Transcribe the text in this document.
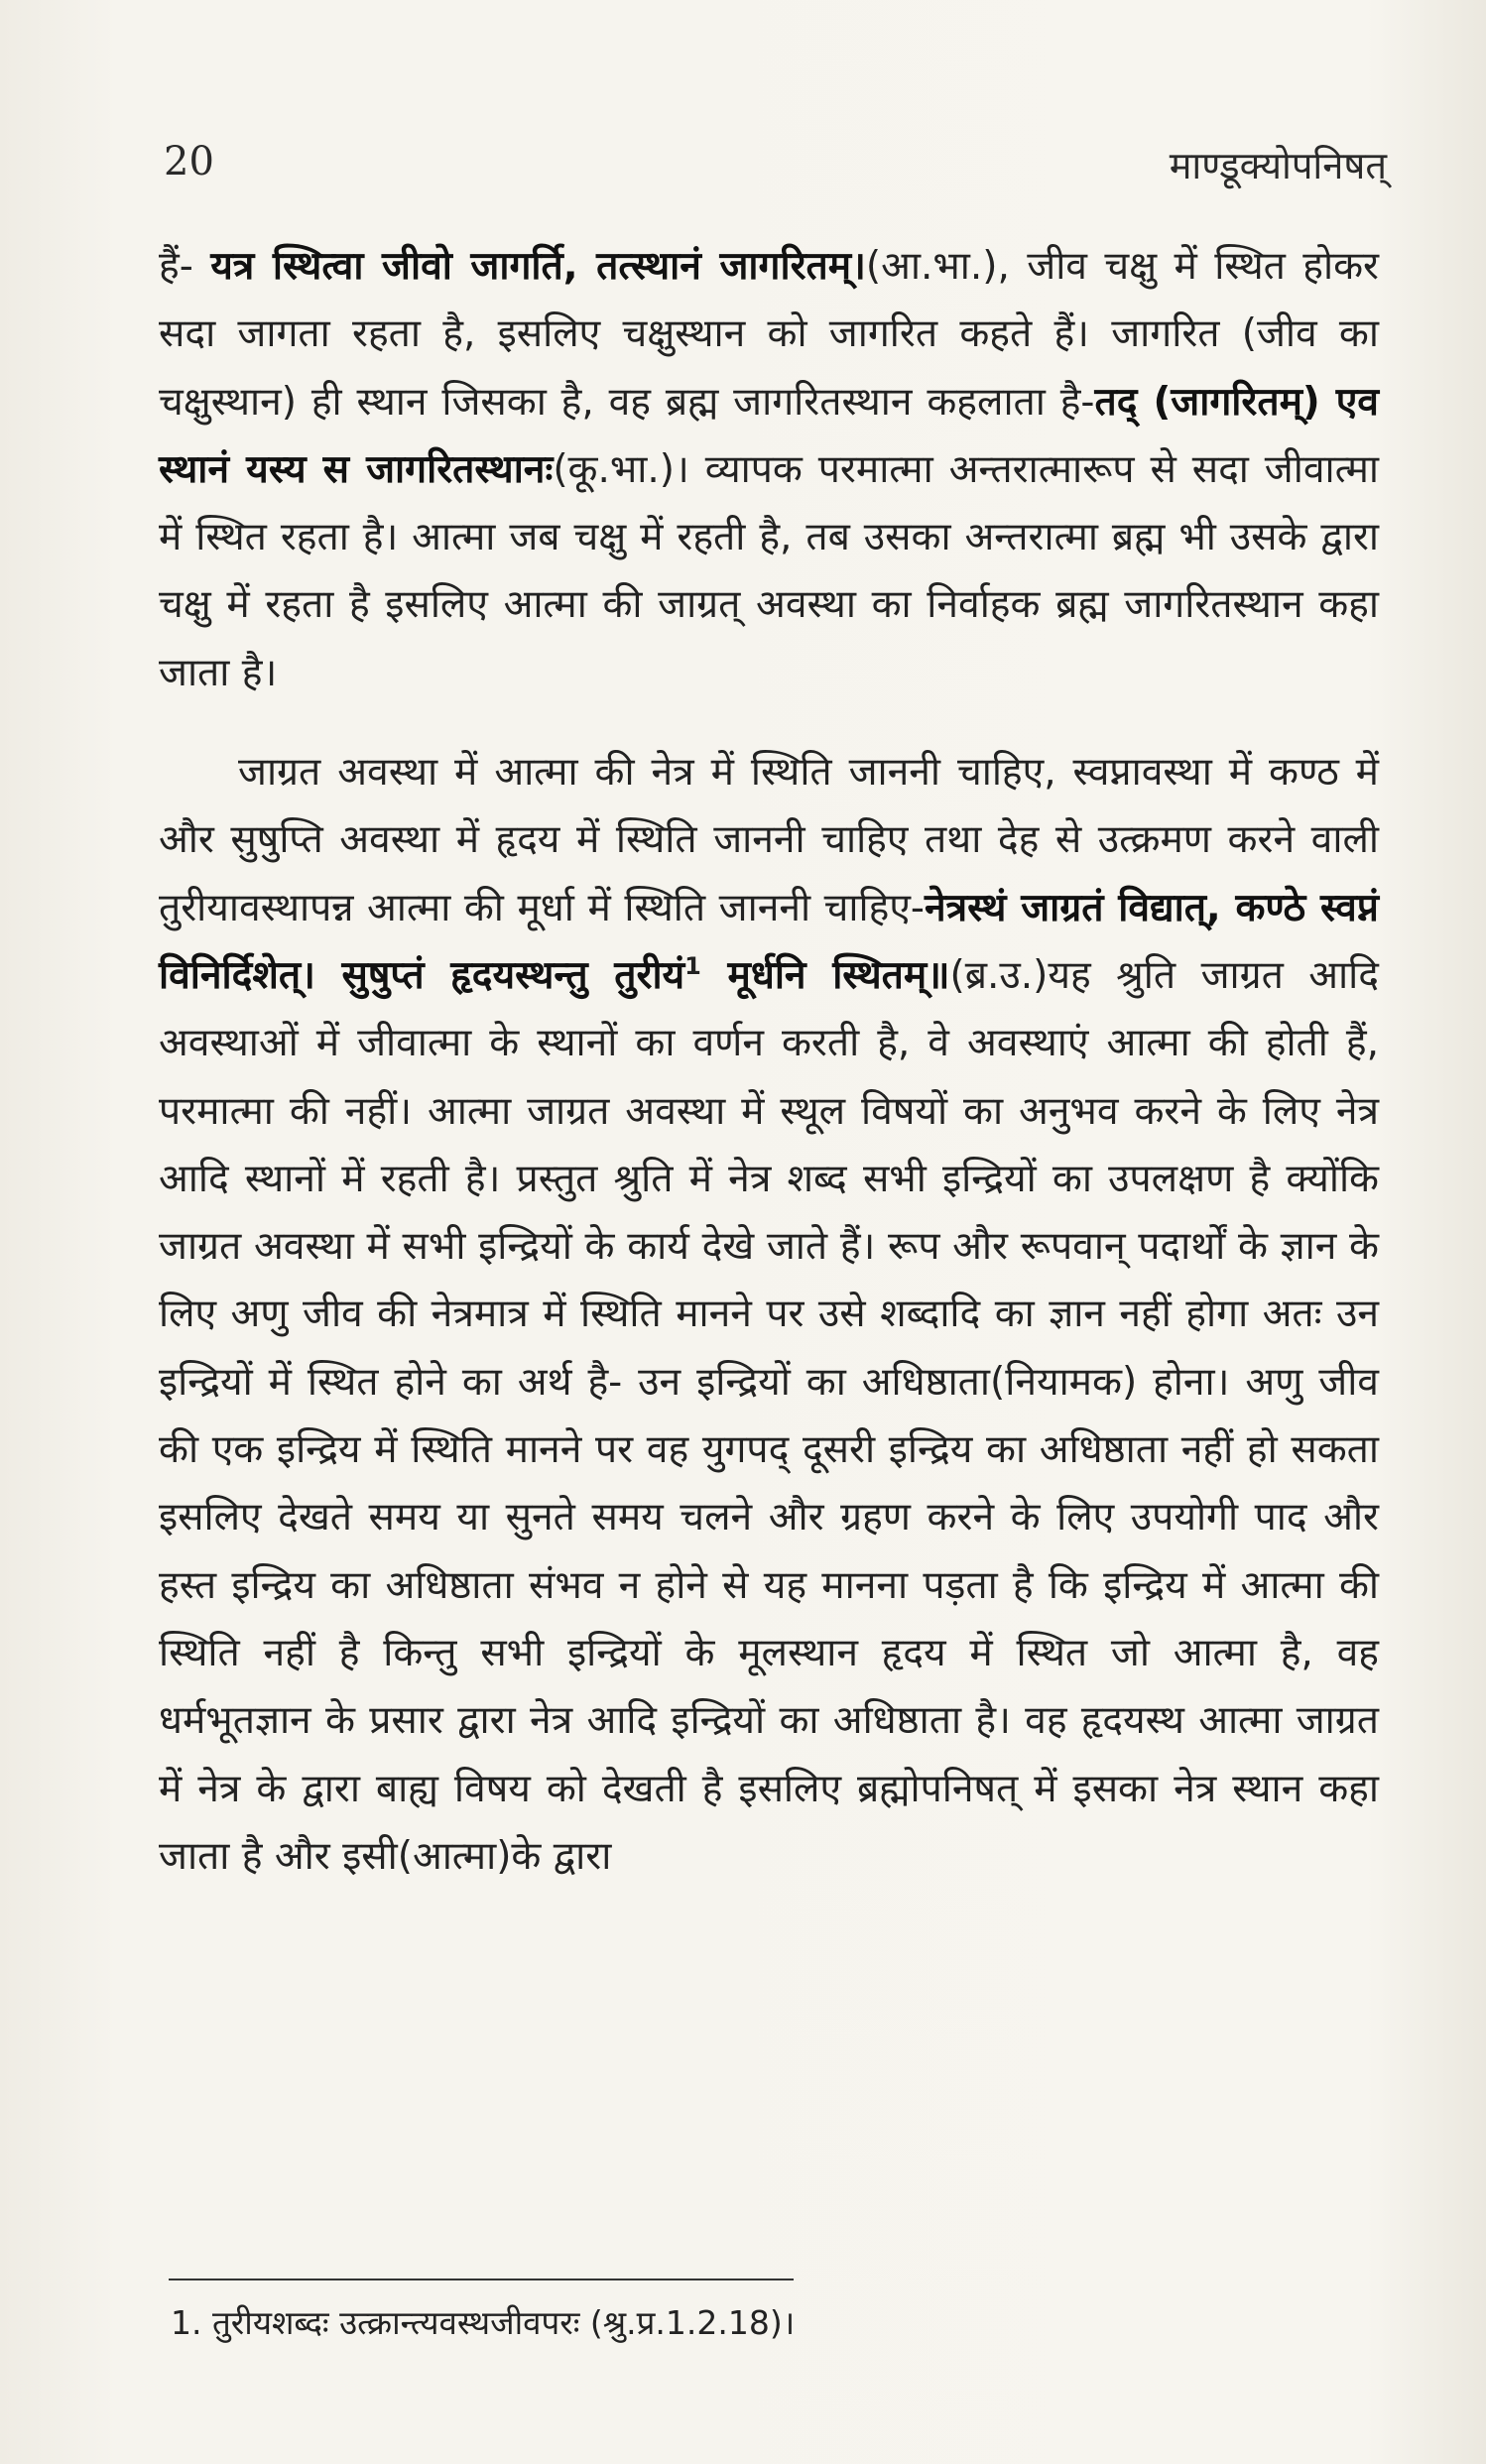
20	माण्डूक्योपनिषत्

हैं- यत्र स्थित्वा जीवो जागर्ति, तत्स्थानं जागरितम्।(आ.भा.), जीव चक्षु में स्थित होकर सदा जागता रहता है, इसलिए चक्षुस्थान को जागरित कहते हैं। जागरित (जीव का चक्षुस्थान) ही स्थान जिसका है, वह ब्रह्म जागरितस्थान कहलाता है-तद् (जागरितम्) एव स्थानं यस्य स जागरितस्थानः(कू.भा.)। व्यापक परमात्मा अन्तरात्मारूप से सदा जीवात्मा में स्थित रहता है। आत्मा जब चक्षु में रहती है, तब उसका अन्तरात्मा ब्रह्म भी उसके द्वारा चक्षु में रहता है इसलिए आत्मा की जाग्रत् अवस्था का निर्वाहक ब्रह्म जागरितस्थान कहा जाता है।

जाग्रत अवस्था में आत्मा की नेत्र में स्थिति जाननी चाहिए, स्वप्नावस्था में कण्ठ में और सुषुप्ति अवस्था में हृदय में स्थिति जाननी चाहिए तथा देह से उत्क्रमण करने वाली तुरीयावस्थापन्न आत्मा की मूर्धा में स्थिति जाननी चाहिए-नेत्रस्थं जाग्रतं विद्यात्, कण्ठे स्वप्नं विनिर्दिशेत्। सुषुप्तं हृदयस्थन्तु तुरीयं$^1$ मूर्धनि स्थितम्॥(ब्र.उ.)यह श्रुति जाग्रत आदि अवस्थाओं में जीवात्मा के स्थानों का वर्णन करती है, वे अवस्थाएं आत्मा की होती हैं, परमात्मा की नहीं। आत्मा जाग्रत अवस्था में स्थूल विषयों का अनुभव करने के लिए नेत्र आदि स्थानों में रहती है। प्रस्तुत श्रुति में नेत्र शब्द सभी इन्द्रियों का उपलक्षण है क्योंकि जाग्रत अवस्था में सभी इन्द्रियों के कार्य देखे जाते हैं। रूप और रूपवान् पदार्थों के ज्ञान के लिए अणु जीव की नेत्रमात्र में स्थिति मानने पर उसे शब्दादि का ज्ञान नहीं होगा अतः उन इन्द्रियों में स्थित होने का अर्थ है- उन इन्द्रियों का अधिष्ठाता(नियामक) होना। अणु जीव की एक इन्द्रिय में स्थिति मानने पर वह युगपद् दूसरी इन्द्रिय का अधिष्ठाता नहीं हो सकता इसलिए देखते समय या सुनते समय चलने और ग्रहण करने के लिए उपयोगी पाद और हस्त इन्द्रिय का अधिष्ठाता संभव न होने से यह मानना पड़ता है कि इन्द्रिय में आत्मा की स्थिति नहीं है किन्तु सभी इन्द्रियों के मूलस्थान हृदय में स्थित जो आत्मा है, वह धर्मभूतज्ञान के प्रसार द्वारा नेत्र आदि इन्द्रियों का अधिष्ठाता है। वह हृदयस्थ आत्मा जाग्रत में नेत्र के द्वारा बाह्य विषय को देखती है इसलिए ब्रह्मोपनिषत् में इसका नेत्र स्थान कहा जाता है और इसी(आत्मा)के द्वारा

1. तुरीयशब्दः उत्क्रान्त्यवस्थजीवपरः (श्रु.प्र.1.2.18)।
